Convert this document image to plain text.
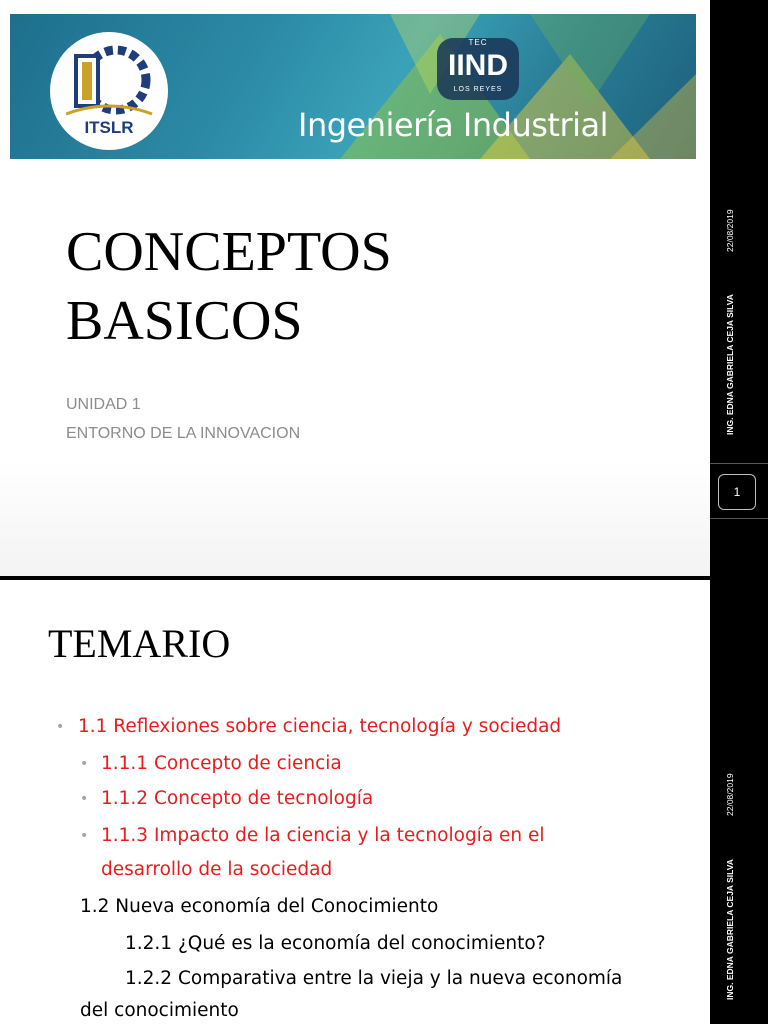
ITSLR
TEC
IIND
LOS REYES
Ingeniería Industrial
CONCEPTOS
BASICOS
UNIDAD 1
ENTORNO DE LA INNOVACION	ING. EDNA GABRIELA CEJA SILVA
22/08/2019
1
TEMARIO
• 1.1 Reflexiones sobre ciencia, tecnología y sociedad
• 1.1.1 Concepto de ciencia
• 1.1.2 Concepto de tecnología
• 1.1.3 Impacto de la ciencia y la tecnología en el
desarrollo de la sociedad
1.2 Nueva economía del Conocimiento
1.2.1 ¿Qué es la economía del conocimiento?
1.2.2 Comparativa entre la vieja y la nueva economía
del conocimiento
ING. EDNA GABRIELA CEJA SILVA
22/08/2019
